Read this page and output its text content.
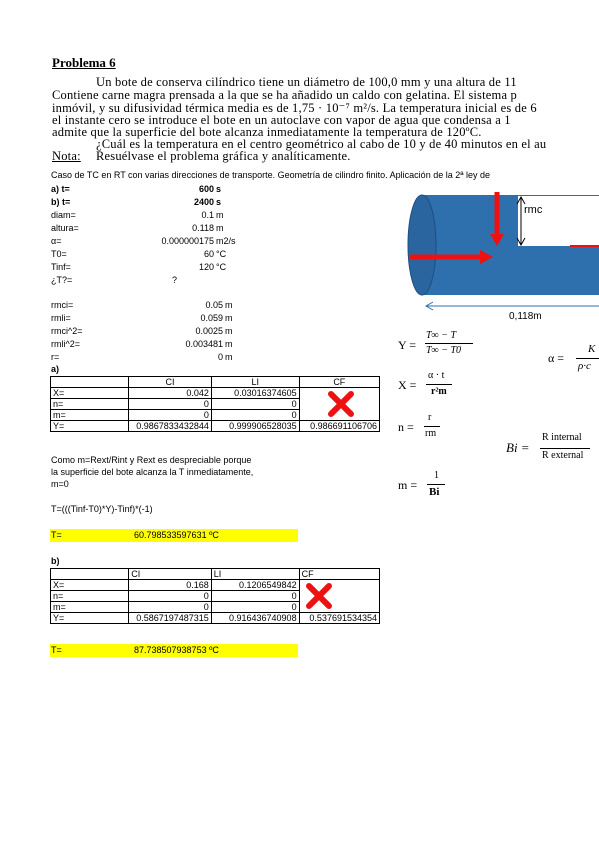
Problema 6
Un bote de conserva cilíndrico tiene un diámetro de 100,0 mm y una altura de 11
Contiene carne magra prensada a la que se ha añadido un caldo con gelatina. El sistema p
inmóvil, y su difusividad térmica media es de 1,75 · 10⁻⁷ m²/s. La temperatura inicial es de 6
el instante cero se introduce el bote en un autoclave con vapor de agua que condensa a 1
admite que la superficie del bote alcanza inmediatamente la temperatura de 120ºC.
¿Cuál es la temperatura en el centro geométrico al cabo de 10 y de 40 minutos en el au
Nota: Resuélvase el problema gráfica y analíticamente.
Caso de TC en RT con varias direcciones de transporte. Geometría de cilindro finito. Aplicación de la 2ª ley de
a) t=	600 s
b) t=	2400 s
diam=	0.1 m
altura=	0.118 m
α=	0.000000175 m2/s
T0=	60 °C
Tinf=	120 °C
¿T?=	?
rmci=	0.05 m
rmli=	0.059 m
rmci^2=	0.0025 m
rmli^2=	0.003481 m
r=	0 m
a)
	CI	LI	CF
X=	0.042	0.03016374605	

n=	0	0	
m=	0	0	
Y=	0.9867833432844	0.999906528035	0.986691106706
Como m=Rext/Rint y Rext es despreciable porque
la superficie del bote alcanza la T inmediatamente,
m=0
T=(((Tinf-T0)*Y)-Tinf)*(-1)
T=	60.798533597631 ºC
b)
	CI	LI	CF
X=	0.168	0.1206549842	

n=	0	0	
m=	0	0	
Y=	0.5867197487315	0.916436740908	0.537691534354
T=	87.738507938753 ºC
rmc
0,118m
Y =
T∞ − T
T∞ − T0
α =
K
ρ·c
X =
α · t
r²m
n =
r
rm
Bi =
R internal
R external
m =
1
Bi
